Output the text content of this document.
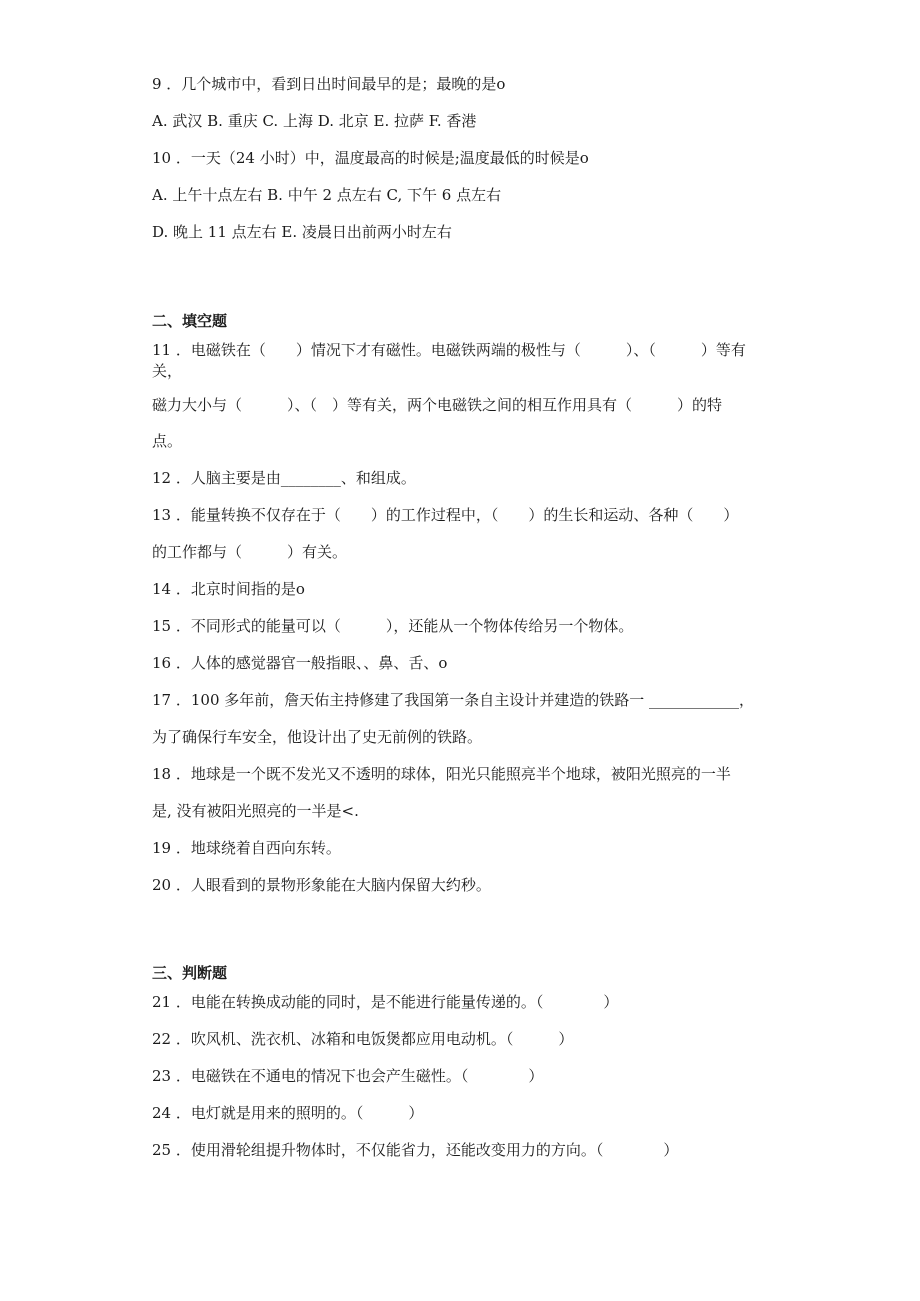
9 ．几个城市中，看到日出时间最早的是；最晚的是o
A. 武汉 B. 重庆 C. 上海 D. 北京 E. 拉萨 F. 香港
10 ．一天（24 小时）中，温度最高的时候是;温度最低的时候是o
A. 上午十点左右 B. 中午 2 点左右 C, 下午 6 点左右
D. 晚上 11 点左右 E. 凌晨日出前两小时左右
二、填空题
11 ．电磁铁在（　　）情况下才有磁性。电磁铁两端的极性与（　　　）、（　　　）等有
关，
磁力大小与（　　　）、（　）等有关，两个电磁铁之间的相互作用具有（　　　）的特
点。
12 ．人脑主要是由________、和组成。
13 ．能量转换不仅存在于（　　）的工作过程中，（　　）的生长和运动、各种（　　）
的工作都与（　　　）有关。
14 ．北京时间指的是o
15 ．不同形式的能量可以（　　　），还能从一个物体传给另一个物体。
16 ．人体的感觉器官一般指眼、、鼻、舌、o
17 ．100 多年前，詹天佑主持修建了我国第一条自主设计并建造的铁路一 ____________，
为了确保行车安全，他设计出了史无前例的铁路。
18 ．地球是一个既不发光又不透明的球体，阳光只能照亮半个地球，被阳光照亮的一半
是, 没有被阳光照亮的一半是<.
19 ．地球绕着自西向东转。
20 ．人眼看到的景物形象能在大脑内保留大约秒。
三、判断题
21 ．电能在转换成动能的同时，是不能进行能量传递的。（　　　　）
22 ．吹风机、洗衣机、冰箱和电饭煲都应用电动机。（　　　）
23 ．电磁铁在不通电的情况下也会产生磁性。（　　　　）
24 ．电灯就是用来的照明的。（　　　）
25 ．使用滑轮组提升物体时，不仅能省力，还能改变用力的方向。（　　　　）
